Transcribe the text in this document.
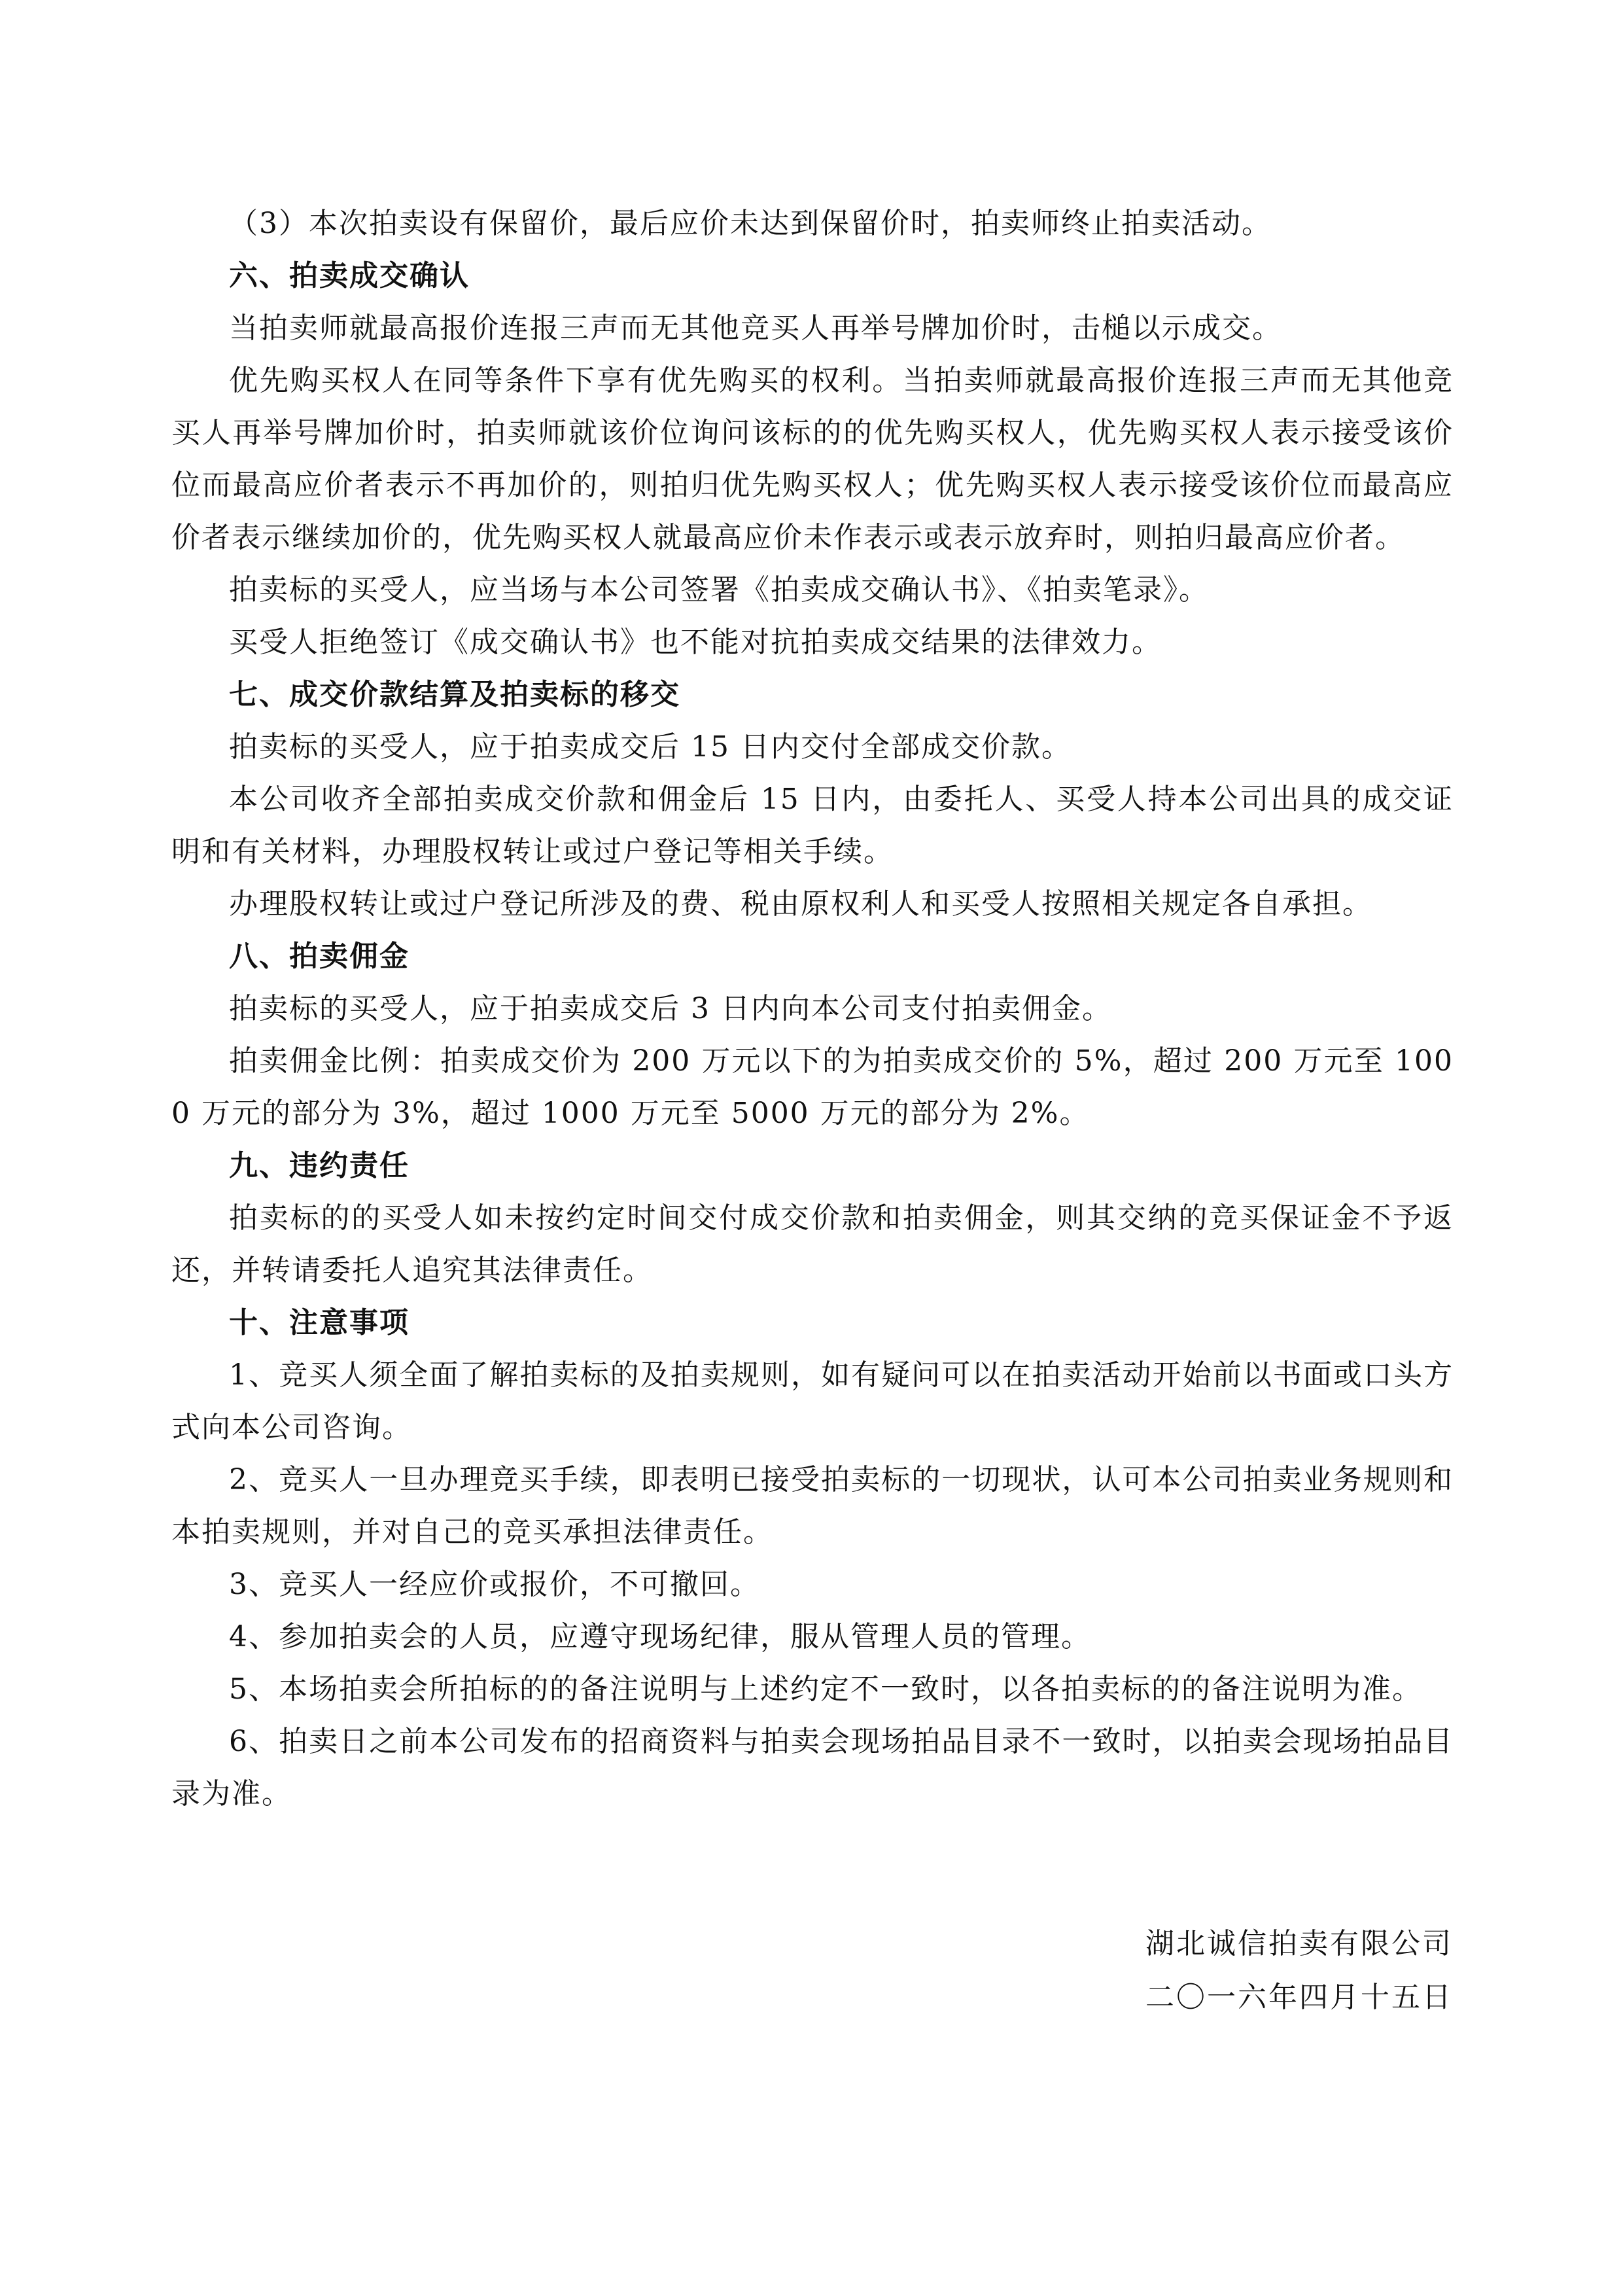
（3）本次拍卖设有保留价，最后应价未达到保留价时，拍卖师终止拍卖活动。

六、拍卖成交确认

当拍卖师就最高报价连报三声而无其他竞买人再举号牌加价时，击槌以示成交。

优先购买权人在同等条件下享有优先购买的权利。当拍卖师就最高报价连报三声而无其他竞买人再举号牌加价时，拍卖师就该价位询问该标的的优先购买权人，优先购买权人表示接受该价位而最高应价者表示不再加价的，则拍归优先购买权人；优先购买权人表示接受该价位而最高应价者表示继续加价的，优先购买权人就最高应价未作表示或表示放弃时，则拍归最高应价者。

拍卖标的买受人，应当场与本公司签署《拍卖成交确认书》、《拍卖笔录》。

买受人拒绝签订《成交确认书》也不能对抗拍卖成交结果的法律效力。

七、成交价款结算及拍卖标的移交

拍卖标的买受人，应于拍卖成交后 15 日内交付全部成交价款。

本公司收齐全部拍卖成交价款和佣金后 15 日内，由委托人、买受人持本公司出具的成交证明和有关材料，办理股权转让或过户登记等相关手续。

办理股权转让或过户登记所涉及的费、税由原权利人和买受人按照相关规定各自承担。

八、拍卖佣金

拍卖标的买受人，应于拍卖成交后 3 日内向本公司支付拍卖佣金。

拍卖佣金比例：拍卖成交价为 200 万元以下的为拍卖成交价的 5%，超过 200 万元至 1000 万元的部分为 3%，超过 1000 万元至 5000 万元的部分为 2%。

九、违约责任

拍卖标的的买受人如未按约定时间交付成交价款和拍卖佣金，则其交纳的竞买保证金不予返还，并转请委托人追究其法律责任。

十、注意事项

1、竞买人须全面了解拍卖标的及拍卖规则，如有疑问可以在拍卖活动开始前以书面或口头方式向本公司咨询。

2、竞买人一旦办理竞买手续，即表明已接受拍卖标的一切现状，认可本公司拍卖业务规则和本拍卖规则，并对自己的竞买承担法律责任。

3、竞买人一经应价或报价，不可撤回。

4、参加拍卖会的人员，应遵守现场纪律，服从管理人员的管理。

5、本场拍卖会所拍标的的备注说明与上述约定不一致时，以各拍卖标的的备注说明为准。

6、拍卖日之前本公司发布的招商资料与拍卖会现场拍品目录不一致时，以拍卖会现场拍品目录为准。

湖北诚信拍卖有限公司
二〇一六年四月十五日
